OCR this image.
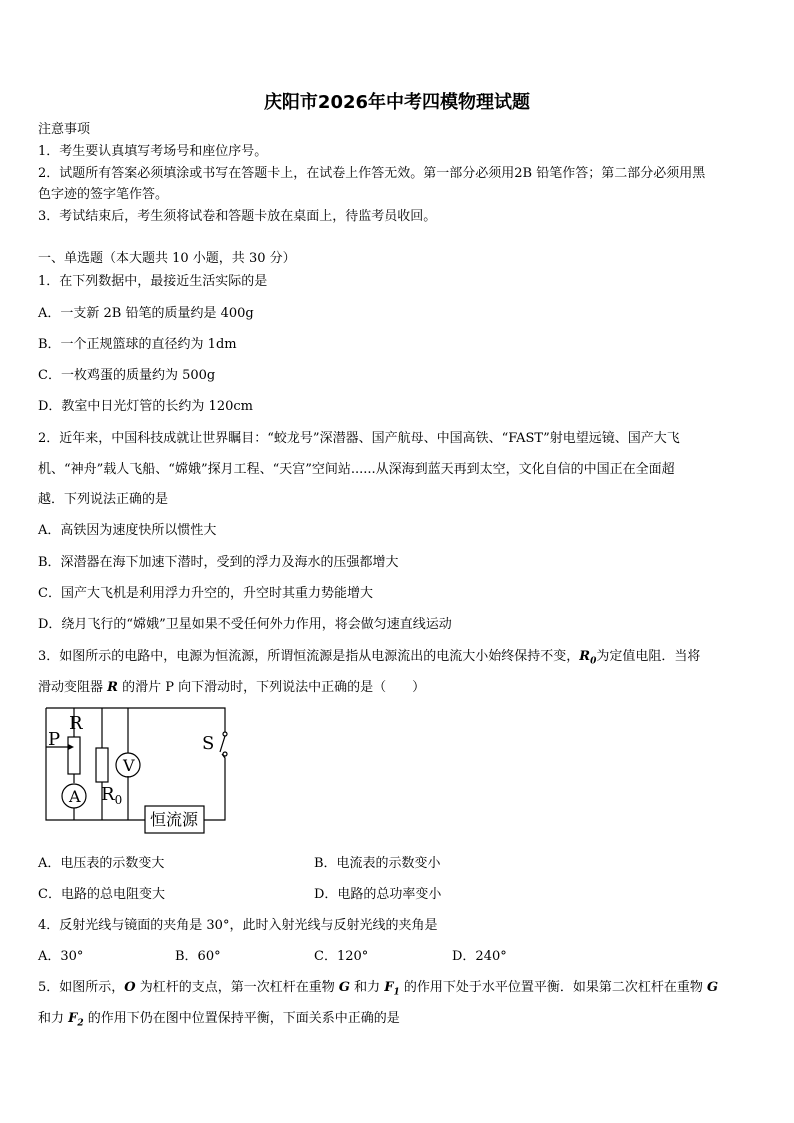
庆阳市2026年中考四模物理试题
注意事项
1．考生要认真填写考场号和座位序号。
2．试题所有答案必须填涂或书写在答题卡上，在试卷上作答无效。第一部分必须用2B 铅笔作答；第二部分必须用黑
色字迹的签字笔作答。
3．考试结束后，考生须将试卷和答题卡放在桌面上，待监考员收回。
一、单选题（本大题共 10 小题，共 30 分）
1．在下列数据中，最接近生活实际的是
A．一支新 2B 铅笔的质量约是 400g
B．一个正规篮球的直径约为 1dm
C．一枚鸡蛋的质量约为 500g
D．教室中日光灯管的长约为 120cm
2．近年来，中国科技成就让世界瞩目：“蛟龙号”深潜器、国产航母、中国高铁、“FAST”射电望远镜、国产大飞
机、“神舟”载人飞船、“嫦娥”探月工程、“天宫”空间站......从深海到蓝天再到太空，文化自信的中国正在全面超
越．下列说法正确的是
A．高铁因为速度快所以惯性大
B．深潜器在海下加速下潜时，受到的浮力及海水的压强都增大
C．国产大飞机是利用浮力升空的，升空时其重力势能增大
D．绕月飞行的“嫦娥”卫星如果不受任何外力作用，将会做匀速直线运动
3．如图所示的电路中，电源为恒流源，所谓恒流源是指从电源流出的电流大小始终保持不变，$R_0$为定值电阻．当将
滑动变阻器 R 的滑片 P 向下滑动时，下列说法中正确的是（　　）
P
R
V
A $R_0$
S
恒流源
A．电压表的示数变大	B．电流表的示数变小
C．电路的总电阻变大	D．电路的总功率变小
4．反射光线与镜面的夹角是 30°，此时入射光线与反射光线的夹角是
A．30°	B．60°	C．120°	D．240°
5．如图所示，O 为杠杆的支点，第一次杠杆在重物 G 和力 $F_1$ 的作用下处于水平位置平衡．如果第二次杠杆在重物 G
和力 $F_2$ 的作用下仍在图中位置保持平衡，下面关系中正确的是
